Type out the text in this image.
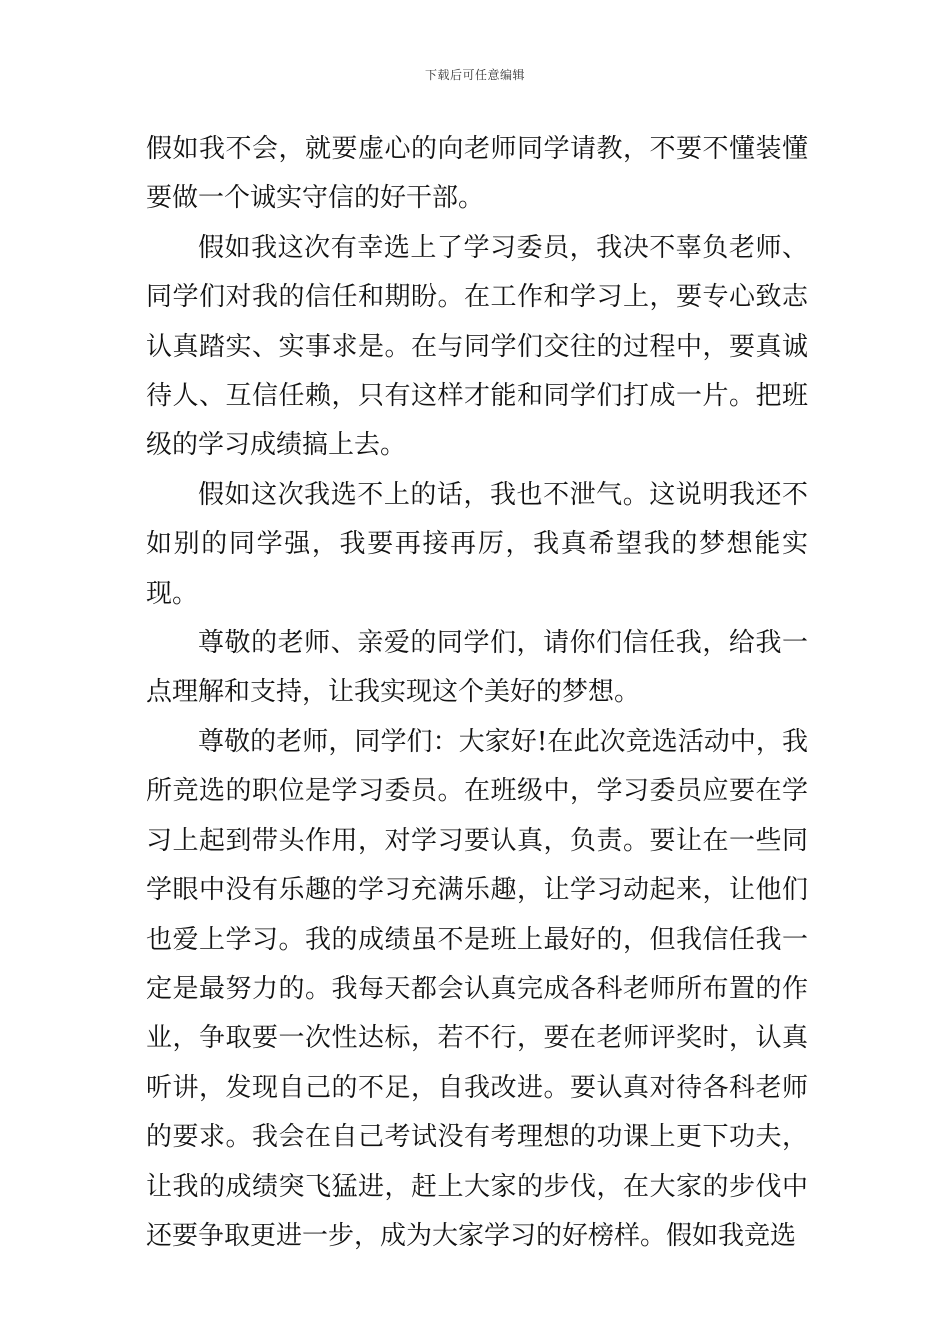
下载后可任意编辑

假如我不会，就要虚心的向老师同学请教，不要不懂装懂要做一个诚实守信的好干部。

假如我这次有幸选上了学习委员，我决不辜负老师、同学们对我的信任和期盼。在工作和学习上，要专心致志认真踏实、实事求是。在与同学们交往的过程中，要真诚待人、互信任赖，只有这样才能和同学们打成一片。把班级的学习成绩搞上去。

假如这次我选不上的话，我也不泄气。这说明我还不如别的同学强，我要再接再厉，我真希望我的梦想能实现。

尊敬的老师、亲爱的同学们，请你们信任我，给我一点理解和支持，让我实现这个美好的梦想。

尊敬的老师，同学们：大家好!在此次竞选活动中，我所竞选的职位是学习委员。在班级中，学习委员应要在学习上起到带头作用，对学习要认真，负责。要让在一些同学眼中没有乐趣的学习充满乐趣，让学习动起来，让他们也爱上学习。我的成绩虽不是班上最好的，但我信任我一定是最努力的。我每天都会认真完成各科老师所布置的作业，争取要一次性达标，若不行，要在老师评奖时，认真听讲，发现自己的不足，自我改进。要认真对待各科老师的要求。我会在自己考试没有考理想的功课上更下功夫，让我的成绩突飞猛进，赶上大家的步伐，在大家的步伐中还要争取更进一步，成为大家学习的好榜样。假如我竞选
